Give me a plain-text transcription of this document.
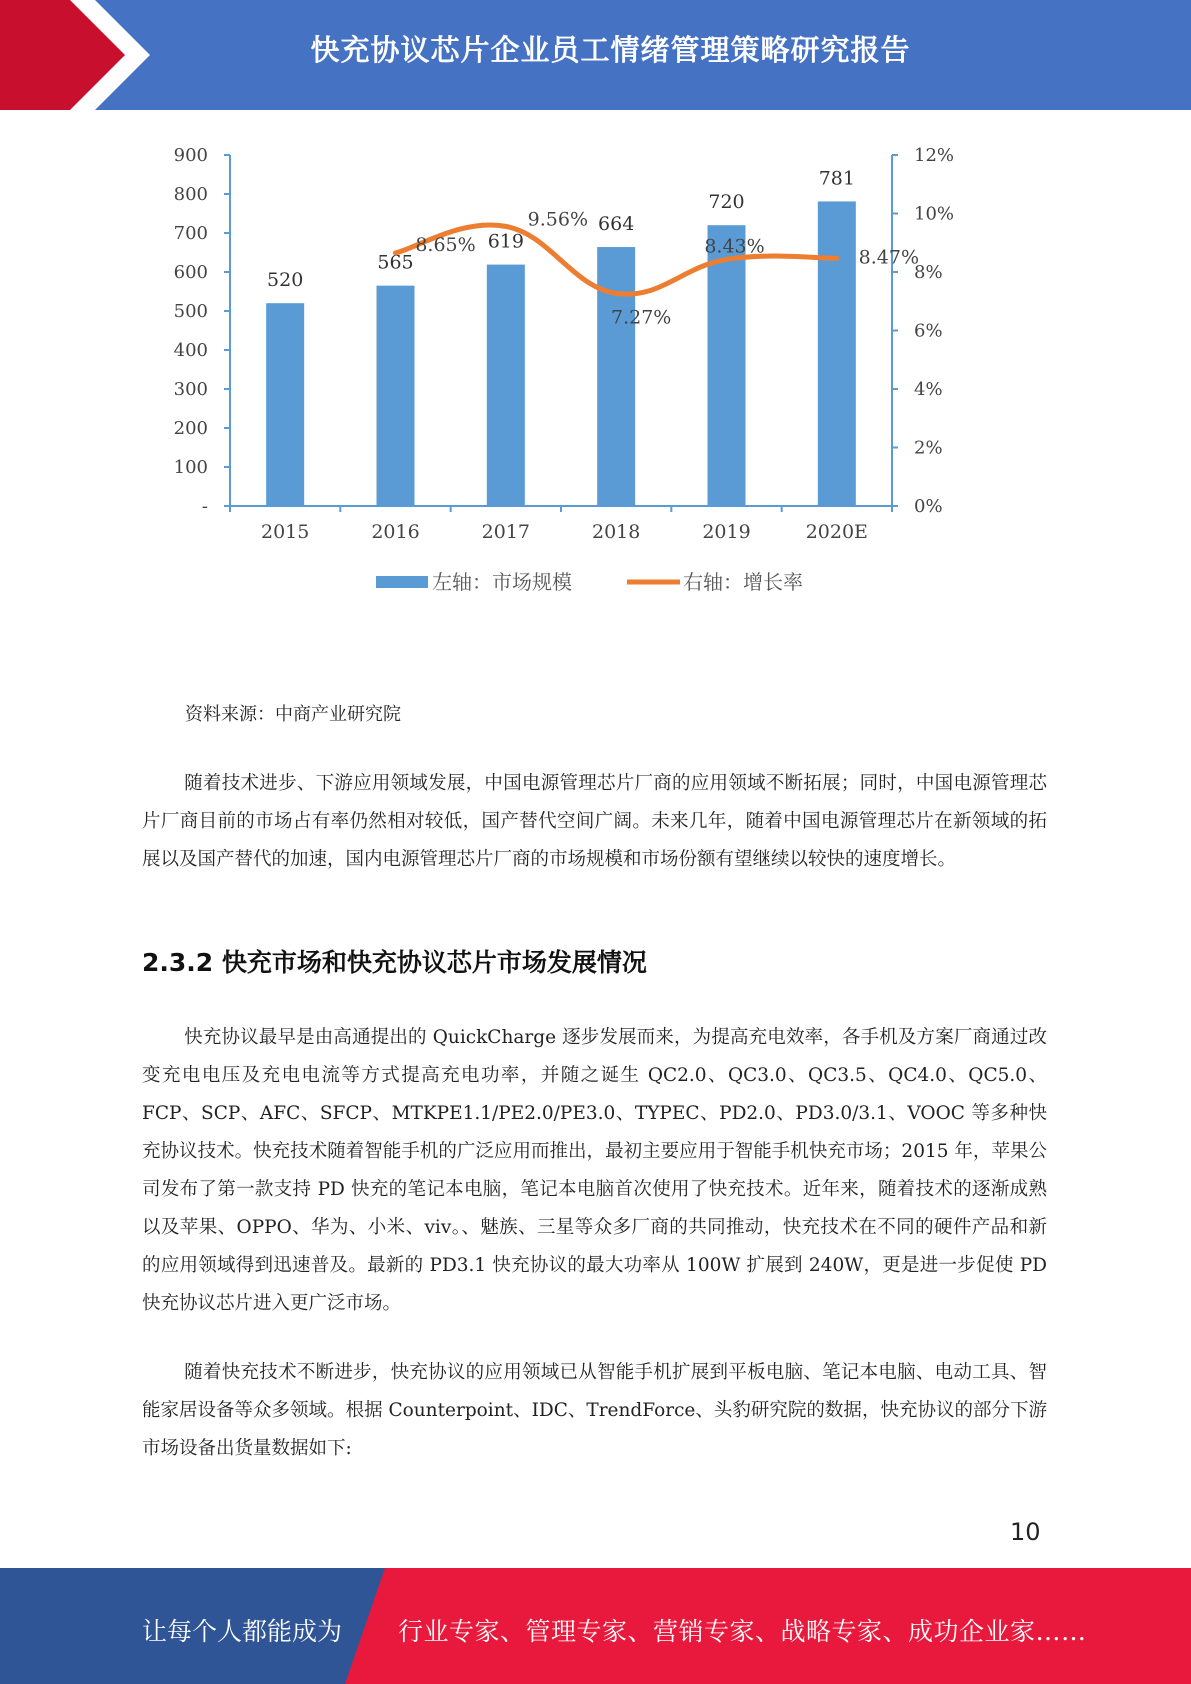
快充协议芯片企业员工情绪管理策略研究报告
-
100
200
300
400
500
600
700
800
900
0%
2%
4%
6%
8%
10%
12%
520
565
619
664
720
781
2015	2016	2017	2018	2019	2020E
8.65%
9.56%
7.27%
8.43%	8.47%
左轴：市场规模	右轴：增长率
资料来源：中商产业研究院
随着技术进步、下游应用领域发展，中国电源管理芯片厂商的应用领域不断拓展；同时，中国电源管理芯片厂商目前的市场占有率仍然相对较低，国产替代空间广阔。未来几年，随着中国电源管理芯片在新领域的拓展以及国产替代的加速，国内电源管理芯片厂商的市场规模和市场份额有望继续以较快的速度增长。
2.3.2 快充市场和快充协议芯片市场发展情况
快充协议最早是由高通提出的 QuickCharge 逐步发展而来，为提高充电效率，各手机及方案厂商通过改变充电电压及充电电流等方式提高充电功率，并随之诞生 QC2.0、QC3.0、QC3.5、QC4.0、QC5.0、FCP、SCP、AFC、SFCP、MTKPE1.1/PE2.0/PE3.0、TYPEC、PD2.0、PD3.0/3.1、VOOC 等多种快充协议技术。快充技术随着智能手机的广泛应用而推出，最初主要应用于智能手机快充市场；2015 年，苹果公司发布了第一款支持 PD 快充的笔记本电脑，笔记本电脑首次使用了快充技术。近年来，随着技术的逐渐成熟以及苹果、OPPO、华为、小米、viv。、魅族、三星等众多厂商的共同推动，快充技术在不同的硬件产品和新的应用领域得到迅速普及。最新的 PD3.1 快充协议的最大功率从 100W 扩展到 240W，更是进一步促使 PD 快充协议芯片进入更广泛市场。
随着快充技术不断进步，快充协议的应用领域已从智能手机扩展到平板电脑、笔记本电脑、电动工具、智能家居设备等众多领域。根据 Counterpoint、IDC、TrendForce、头豹研究院的数据，快充协议的部分下游市场设备出货量数据如下:
10
让每个人都能成为 行业专家、管理专家、营销专家、战略专家、成功企业家……
